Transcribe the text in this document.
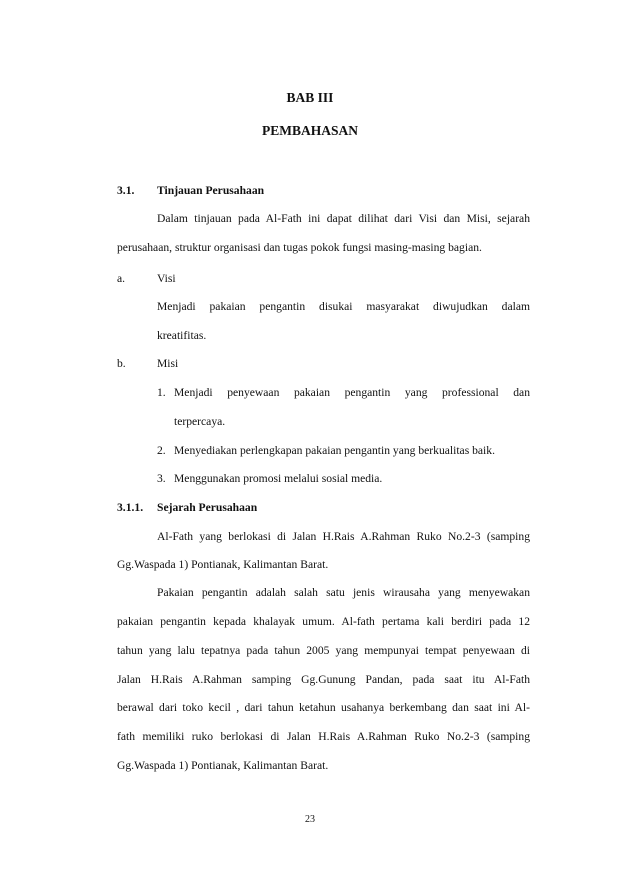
BAB III
PEMBAHASAN
3.1. Tinjauan Perusahaan
Dalam tinjauan pada Al-Fath ini dapat dilihat dari Visi dan Misi, sejarah
perusahaan, struktur organisasi dan tugas pokok fungsi masing-masing bagian.
a.	Visi
Menjadi pakaian pengantin disukai masyarakat diwujudkan dalam
kreatifitas.
b.	Misi
1. Menjadi penyewaan pakaian pengantin yang professional dan
terpercaya.
2. Menyediakan perlengkapan pakaian pengantin yang berkualitas baik.
3. Menggunakan promosi melalui sosial media.
3.1.1. Sejarah Perusahaan
Al-Fath yang berlokasi di Jalan H.Rais A.Rahman Ruko No.2-3 (samping
Gg.Waspada 1) Pontianak, Kalimantan Barat.
Pakaian pengantin adalah salah satu jenis wirausaha yang menyewakan
pakaian pengantin kepada khalayak umum. Al-fath pertama kali berdiri pada 12
tahun yang lalu tepatnya pada tahun 2005 yang mempunyai tempat penyewaan di
Jalan H.Rais A.Rahman samping Gg.Gunung Pandan, pada saat itu Al-Fath
berawal dari toko kecil , dari tahun ketahun usahanya berkembang dan saat ini Al-
fath memiliki ruko berlokasi di Jalan H.Rais A.Rahman Ruko No.2-3 (samping
Gg.Waspada 1) Pontianak, Kalimantan Barat.
23
